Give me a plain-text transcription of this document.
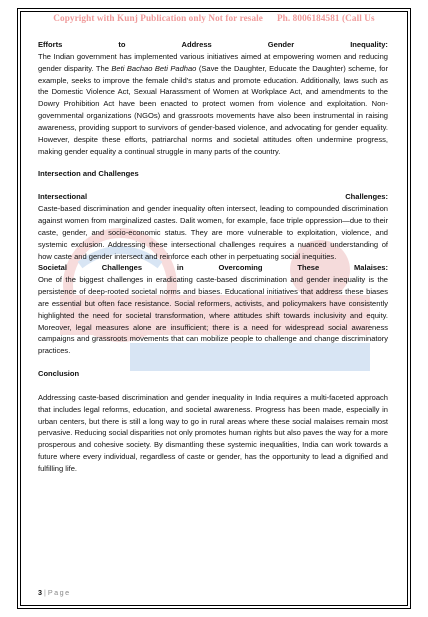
Copyright with Kunj Publication only Not for resale Ph. 8006184581 (Call Us
Efforts	to	Address	Gender	Inequality:

The Indian government has implemented various initiatives aimed at empowering women and reducing gender disparity. The Beti Bachao Beti Padhao (Save the Daughter, Educate the Daughter) scheme, for example, seeks to improve the female child’s status and promote education. Additionally, laws such as the Domestic Violence Act, Sexual Harassment of Women at Workplace Act, and amendments to the Dowry Prohibition Act have been enacted to protect women from violence and exploitation. Non-governmental organizations (NGOs) and grassroots movements have also been instrumental in raising awareness, providing support to survivors of gender-based violence, and advocating for gender equality. However, despite these efforts, patriarchal norms and societal attitudes often undermine progress, making gender equality a continual struggle in many parts of the country.

Intersection and Challenges

Intersectional	Challenges:

Caste-based discrimination and gender inequality often intersect, leading to compounded discrimination against women from marginalized castes. Dalit women, for example, face triple oppression—due to their caste, gender, and socio-economic status. They are more vulnerable to exploitation, violence, and systemic exclusion. Addressing these intersectional challenges requires a nuanced understanding of how caste and gender intersect and reinforce each other in perpetuating social inequities.

Societal	Challenges	in	Overcoming	These	Malaises:

One of the biggest challenges in eradicating caste-based discrimination and gender inequality is the persistence of deep-rooted societal norms and biases. Educational initiatives that address these biases are essential but often face resistance. Social reformers, activists, and policymakers have consistently highlighted the need for societal transformation, where attitudes shift towards inclusivity and equity. Moreover, legal measures alone are insufficient; there is a need for widespread social awareness campaigns and grassroots movements that can mobilize people to challenge and change discriminatory practices.

Conclusion

Addressing caste-based discrimination and gender inequality in India requires a multi-faceted approach that includes legal reforms, education, and societal awareness. Progress has been made, especially in urban centers, but there is still a long way to go in rural areas where these social malaises remain most pervasive. Reducing social disparities not only promotes human rights but also paves the way for a more prosperous and cohesive society. By dismantling these systemic inequalities, India can work towards a future where every individual, regardless of caste or gender, has the opportunity to lead a dignified and fulfilling life.

3 | Page
